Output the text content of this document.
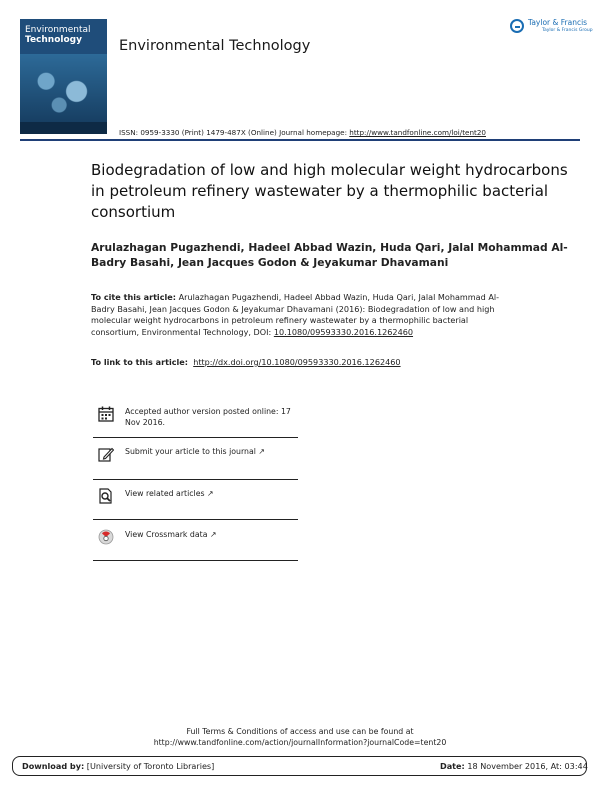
Environmental
Technology	Environmental Technology
Taylor & Francis
Taylor & Francis Group
ISSN: 0959-3330 (Print) 1479-487X (Online) Journal homepage: http://www.tandfonline.com/loi/tent20
Biodegradation of low and high molecular weight hydrocarbons in petroleum refinery wastewater by a thermophilic bacterial consortium
Arulazhagan Pugazhendi, Hadeel Abbad Wazin, Huda Qari, Jalal Mohammad Al-Badry Basahi, Jean Jacques Godon & Jeyakumar Dhavamani
To cite this article: Arulazhagan Pugazhendi, Hadeel Abbad Wazin, Huda Qari, Jalal Mohammad Al-Badry Basahi, Jean Jacques Godon & Jeyakumar Dhavamani (2016): Biodegradation of low and high molecular weight hydrocarbons in petroleum refinery wastewater by a thermophilic bacterial consortium, Environmental Technology, DOI: 10.1080/09593330.2016.1262460
To link to this article: http://dx.doi.org/10.1080/09593330.2016.1262460
Accepted author version posted online: 17 Nov 2016.
Submit your article to this journal ↗
View related articles ↗
View Crossmark data ↗
Full Terms & Conditions of access and use can be found at
http://www.tandfonline.com/action/journalInformation?journalCode=tent20
Download by: [University of Toronto Libraries]	Date: 18 November 2016, At: 03:44
